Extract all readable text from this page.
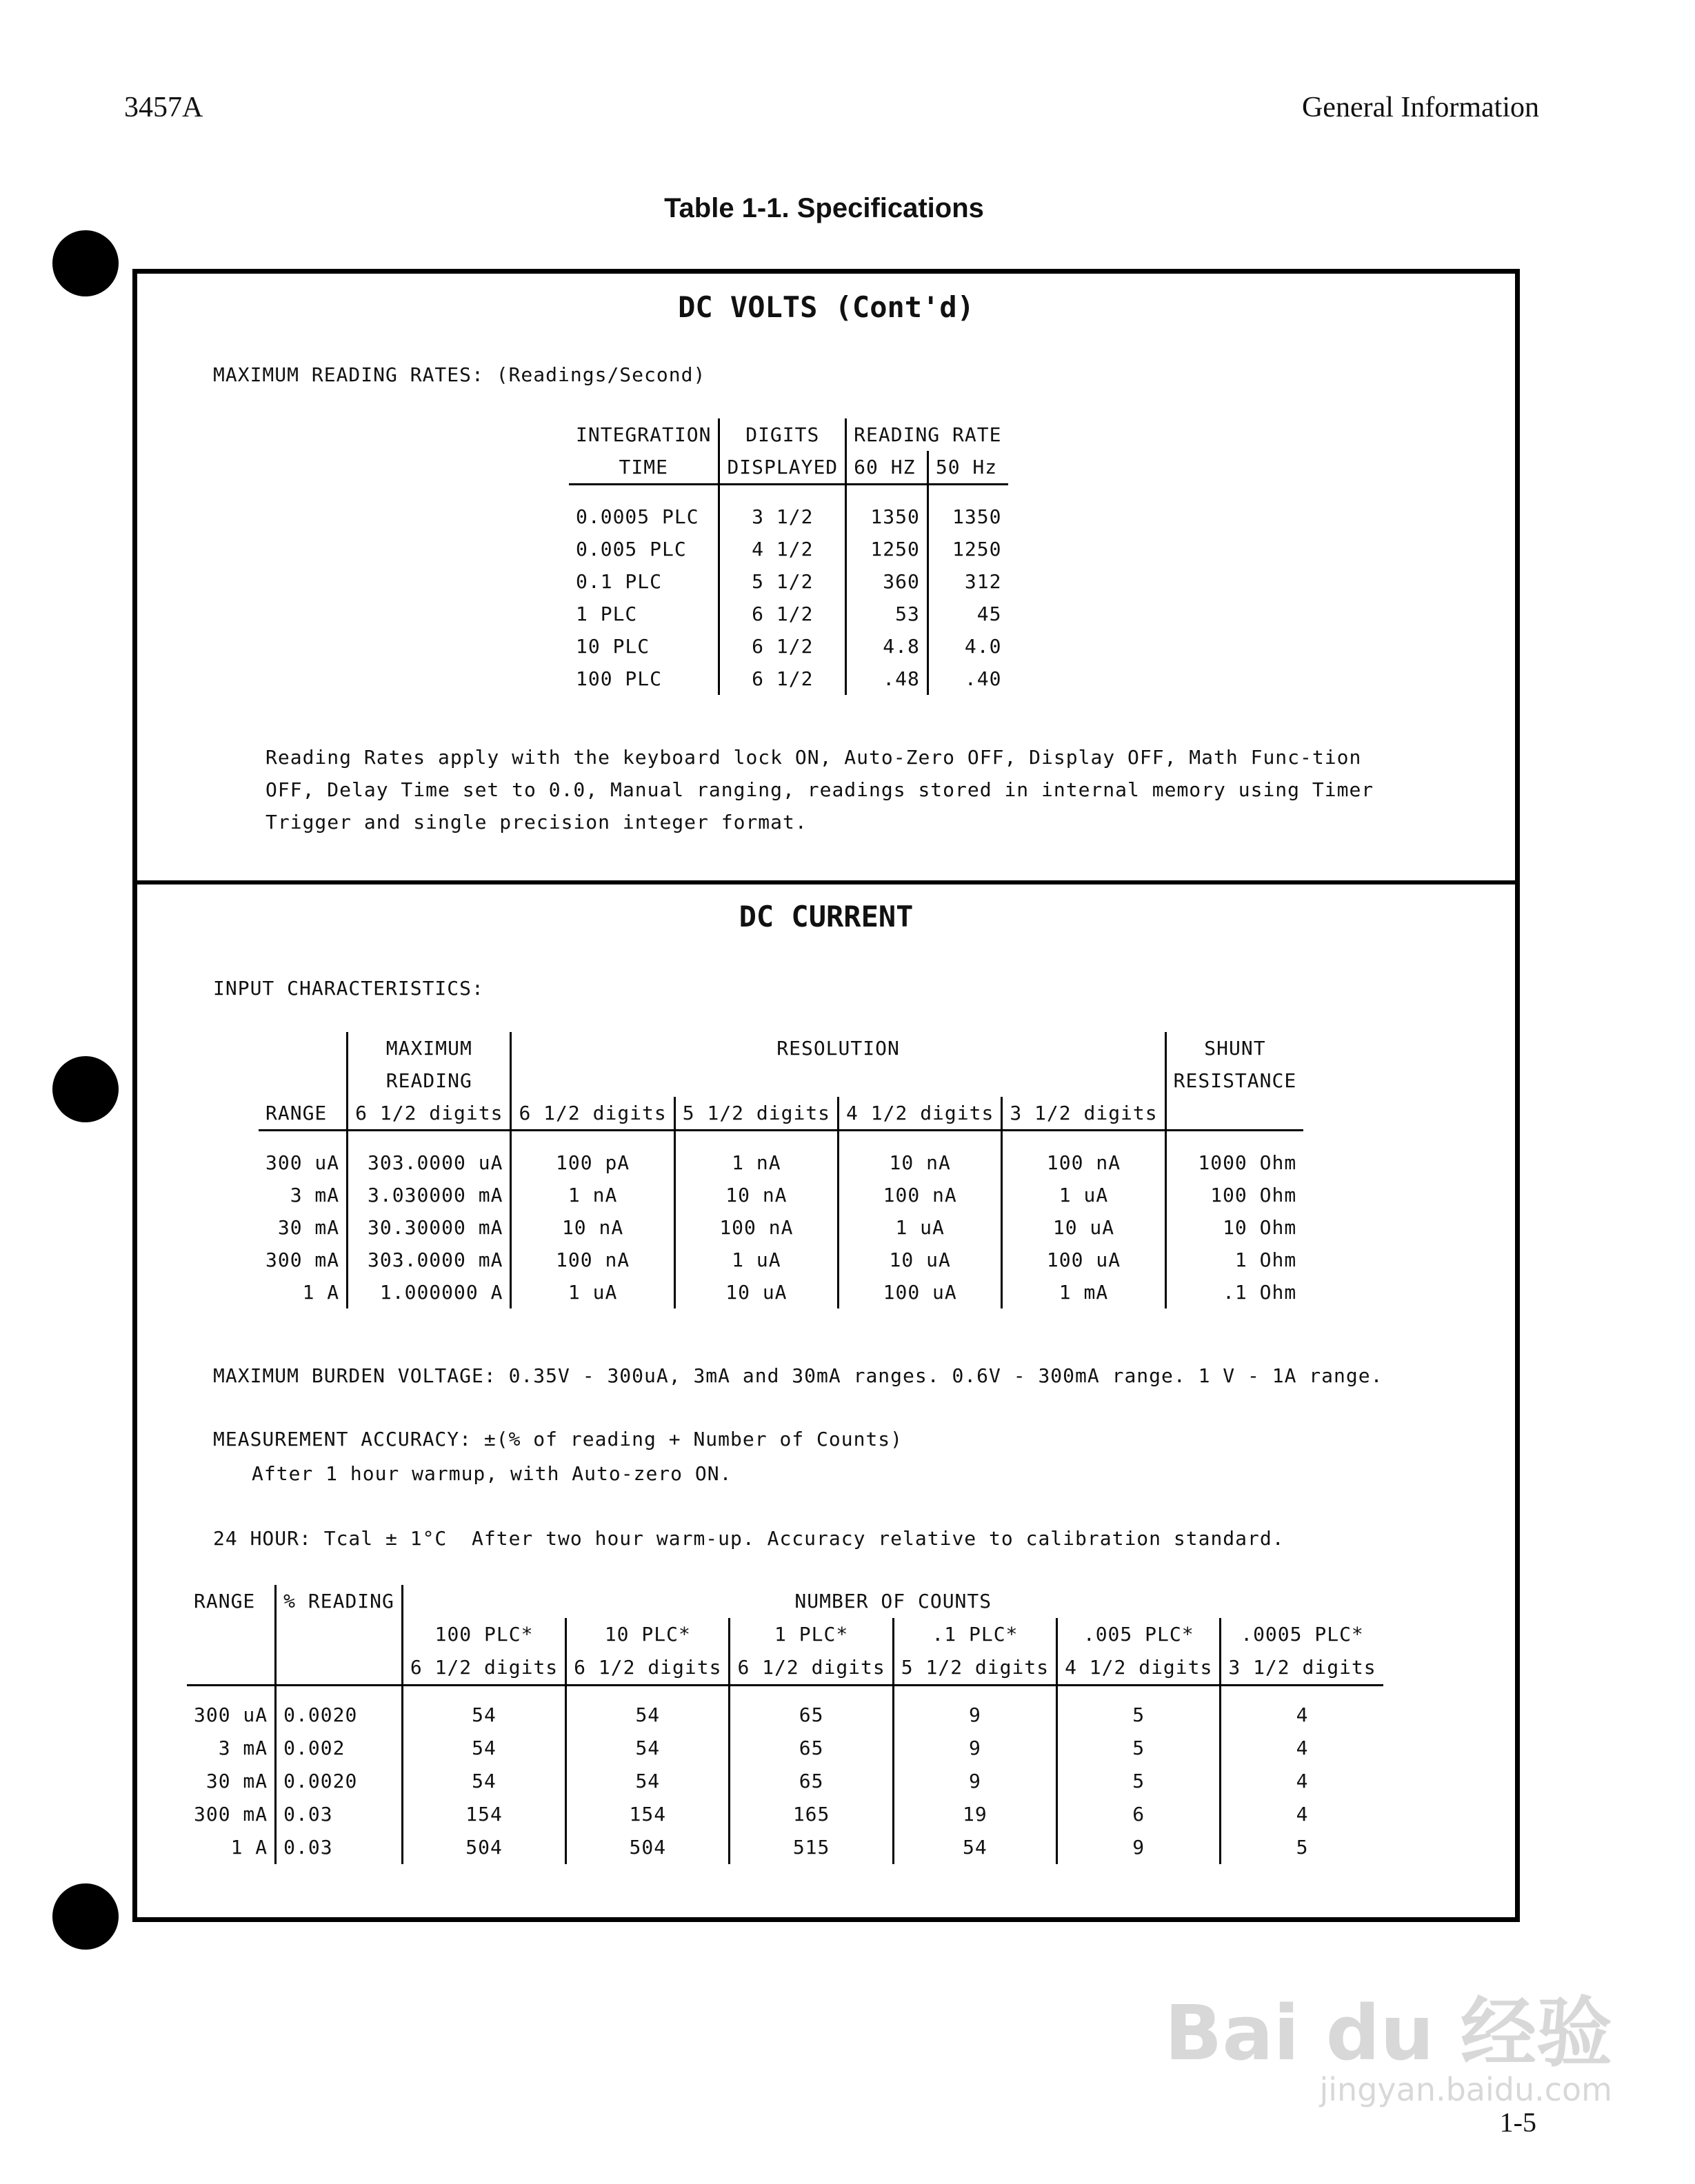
3457A	General Information
Table 1-1. Specifications
DC VOLTS (Cont'd)
MAXIMUM READING RATES: (Readings/Second)
INTEGRATION	DIGITS	READING RATE	
TIME	DISPLAYED	60 HZ	50 Hz

0.0005 PLC	3 1/2	1350	1350
0.005 PLC	4 1/2	1250	1250
0.1 PLC	5 1/2	360	312
1 PLC	6 1/2	53	45
10 PLC	6 1/2	4.8	4.0
100 PLC	6 1/2	.48	.40
Reading Rates apply with the keyboard lock ON, Auto-Zero OFF, Display OFF, Math Func-tion OFF, Delay Time set to 0.0, Manual ranging, readings stored in internal memory using Timer Trigger and single precision integer format.
DC CURRENT
INPUT CHARACTERISTICS:
	MAXIMUM	RESOLUTION				SHUNT
	READING					RESISTANCE
RANGE	6 1/2 digits	6 1/2 digits	5 1/2 digits	4 1/2 digits	3 1/2 digits	

300 uA	303.0000 uA	100 pA	1 nA	10 nA	100 nA	1000 Ohm
3 mA	3.030000 mA	1 nA	10 nA	100 nA	1 uA	100 Ohm
30 mA	30.30000 mA	10 nA	100 nA	1 uA	10 uA	10 Ohm
300 mA	303.0000 mA	100 nA	1 uA	10 uA	100 uA	1 Ohm
1 A	1.000000 A	1 uA	10 uA	100 uA	1 mA	.1 Ohm
MAXIMUM BURDEN VOLTAGE: 0.35V - 300uA, 3mA and 30mA ranges. 0.6V - 300mA range. 1 V - 1A range.
MEASUREMENT ACCURACY: ±(% of reading + Number of Counts)
After 1 hour warmup, with Auto-zero ON.
24 HOUR: Tcal ± 1°C  After two hour warm-up. Accuracy relative to calibration standard.
RANGE	% READING	NUMBER OF COUNTS					
		100 PLC*	10 PLC*	1 PLC*	.1 PLC*	.005 PLC*	.0005 PLC*
		6 1/2 digits	6 1/2 digits	6 1/2 digits	5 1/2 digits	4 1/2 digits	3 1/2 digits

300 uA	0.0020	54	54	65	9	5	4
3 mA	0.002	54	54	65	9	5	4
30 mA	0.0020	54	54	65	9	5	4
300 mA	0.03	154	154	165	19	6	4
1 A	0.03	504	504	515	54	9	5
Bai du 经验
jingyan.baidu.com
1-5
